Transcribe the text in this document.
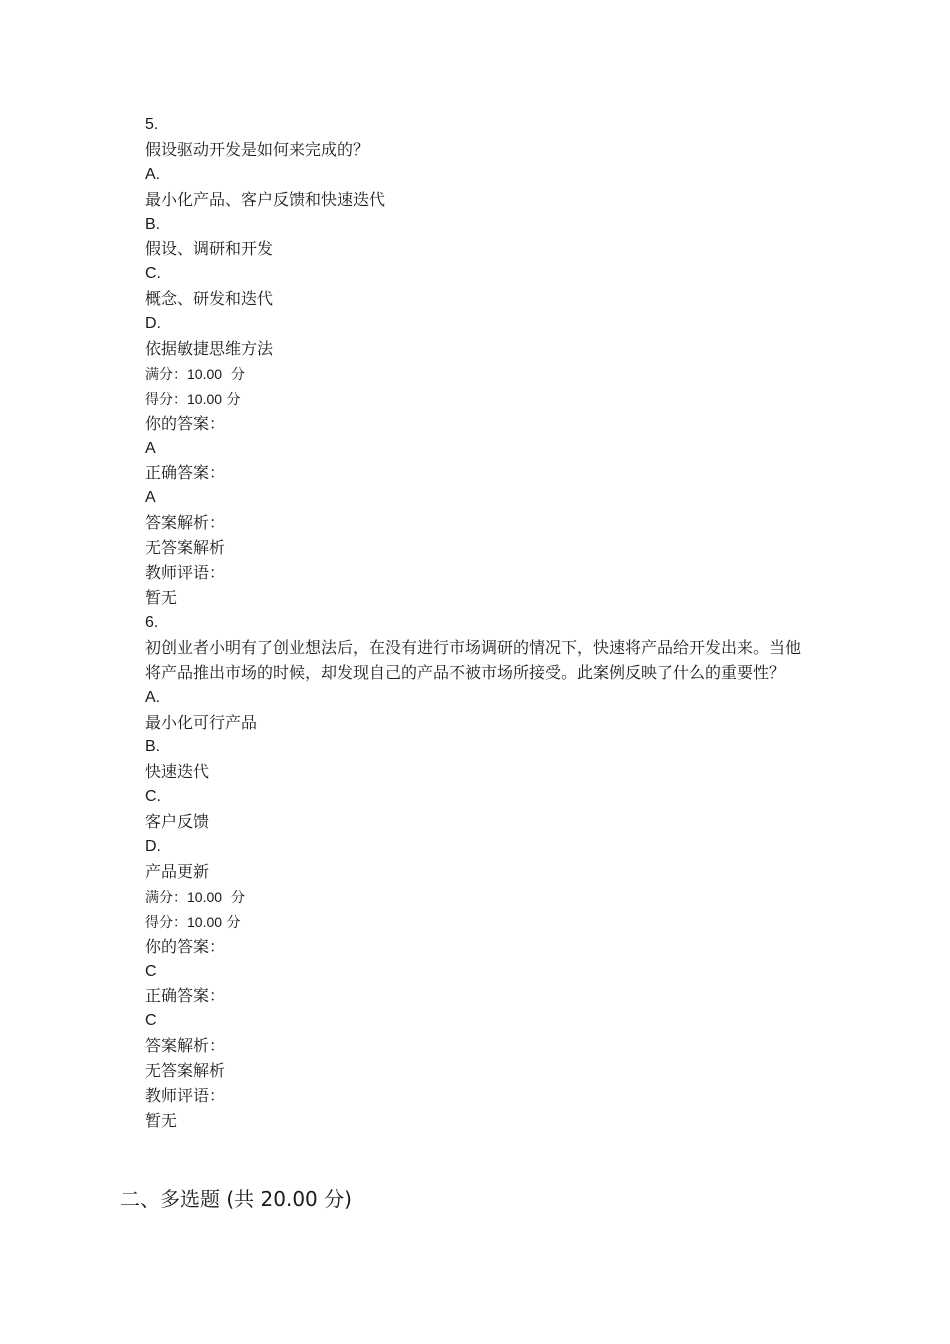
5.
假设驱动开发是如何来完成的？
A.
最小化产品、客户反馈和快速迭代
B.
假设、调研和开发
C.
概念、研发和迭代
D.
依据敏捷思维方法
满分：10.00 分
得分：10.00 分
你的答案：
A
正确答案：
A
答案解析：
无答案解析
教师评语：
暂无
6.
初创业者小明有了创业想法后，在没有进行市场调研的情况下，快速将产品给开发出来。当他将产品推出市场的时候，却发现自己的产品不被市场所接受。此案例反映了什么的重要性？
A.
最小化可行产品
B.
快速迭代
C.
客户反馈
D.
产品更新
满分：10.00 分
得分：10.00 分
你的答案：
C
正确答案：
C
答案解析：
无答案解析
教师评语：
暂无
二、多选题 (共 20.00 分)
